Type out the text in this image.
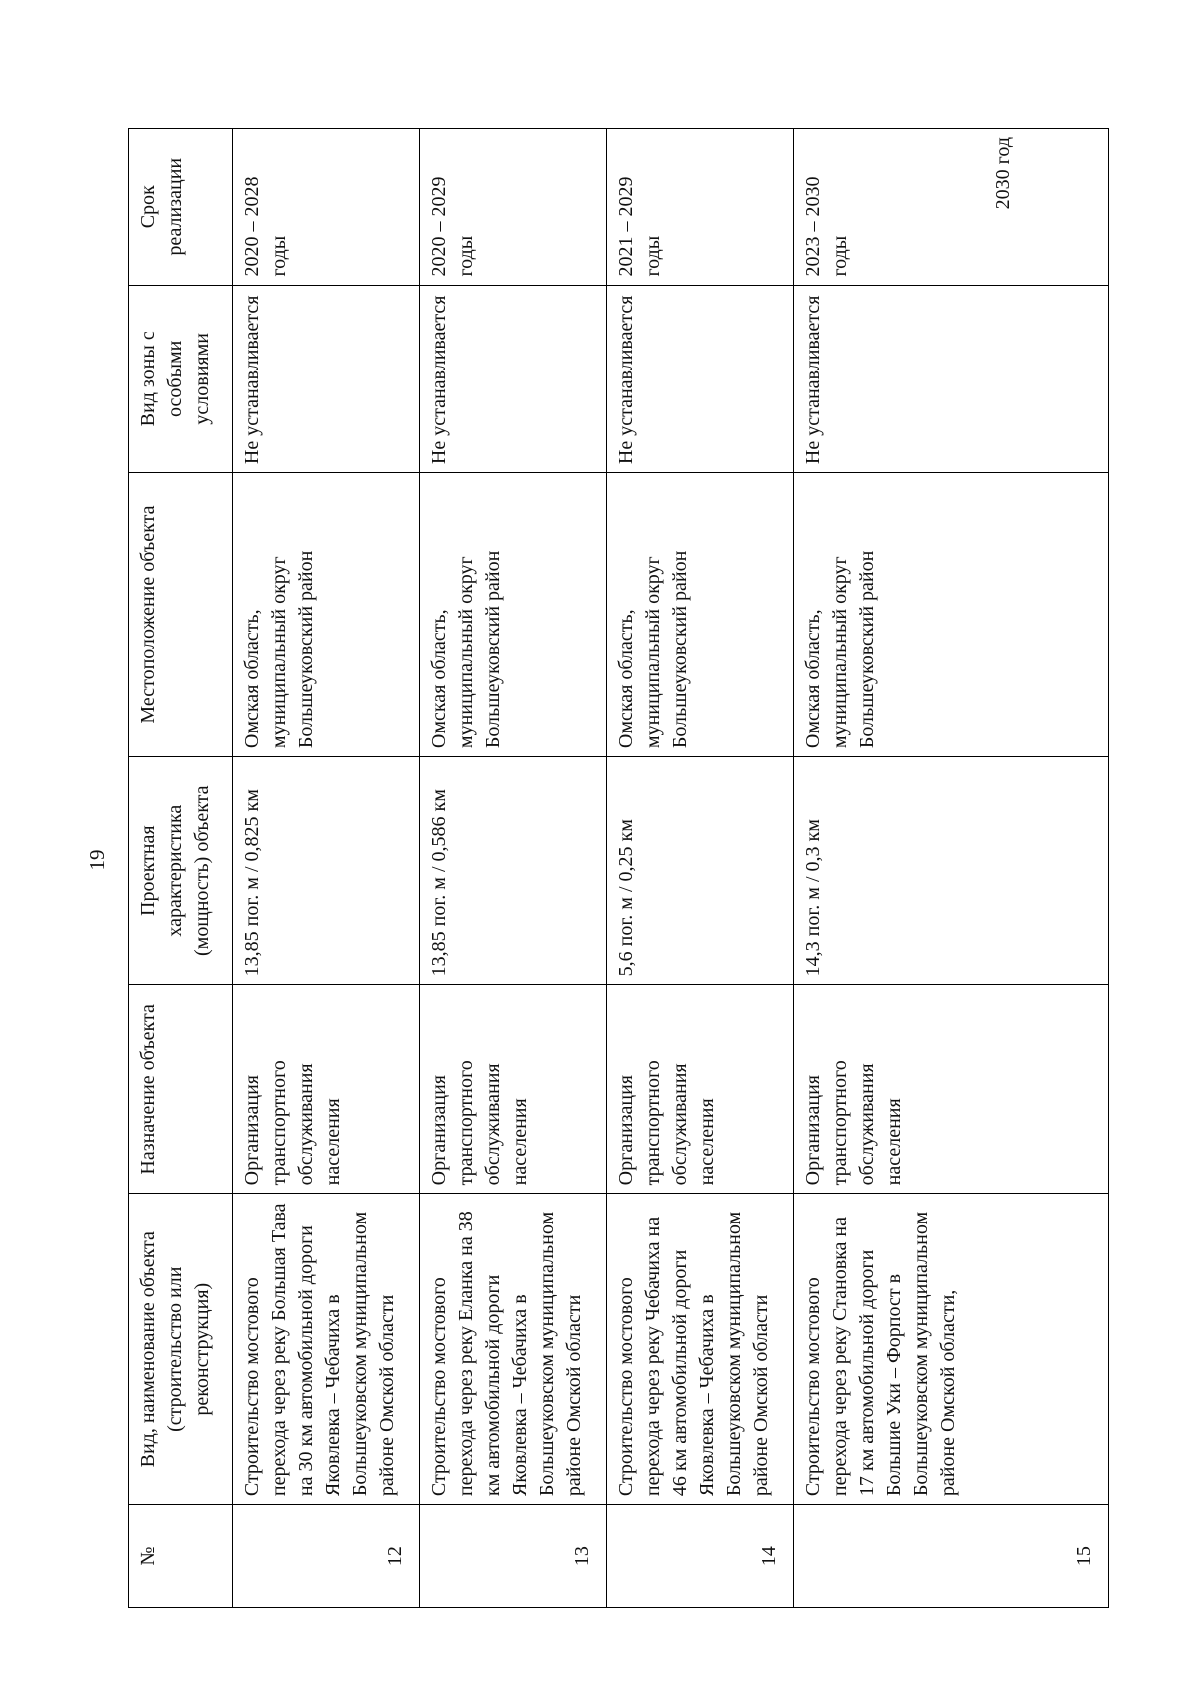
19
№	Вид, наименование объекта (строительство или реконструкция)	Назначение объекта	Проектная характеристика (мощность) объекта	Местоположение объекта	Вид зоны с особыми условиями	Срок реализации
12	Строительство мостового перехода через реку Большая Тава на 30 км автомобильной дороги Яковлевка – Чебачиха в Большеуковском муниципальном районе Омской области	Организация транспортного обслуживания населения	13,85 пог. м / 0,825 км	Омская область, муниципальный округ Большеуковский район	Не устанавливается	2020 – 2028 годы
13	Строительство мостового перехода через реку Еланка на 38 км автомобильной дороги Яковлевка – Чебачиха в Большеуковском муниципальном районе Омской области	Организация транспортного обслуживания населения	13,85 пог. м / 0,586 км	Омская область, муниципальный округ Большеуковский район	Не устанавливается	2020 – 2029 годы
14	Строительство мостового перехода через реку Чебачиха на 46 км автомобильной дороги Яковлевка – Чебачиха в Большеуковском муниципальном районе Омской области	Организация транспортного обслуживания населения	5,6 пог. м / 0,25 км	Омская область, муниципальный округ Большеуковский район	Не устанавливается	2021 – 2029 годы
15	Строительство мостового перехода через реку Становка на 17 км автомобильной дороги Большие Уки – Форпост в Большеуковском муниципальном районе Омской области,	Организация транспортного обслуживания населения	14,3 пог. м / 0,3 км	Омская область, муниципальный округ Большеуковский район	Не устанавливается	2023 – 2030 годы
2030 год
